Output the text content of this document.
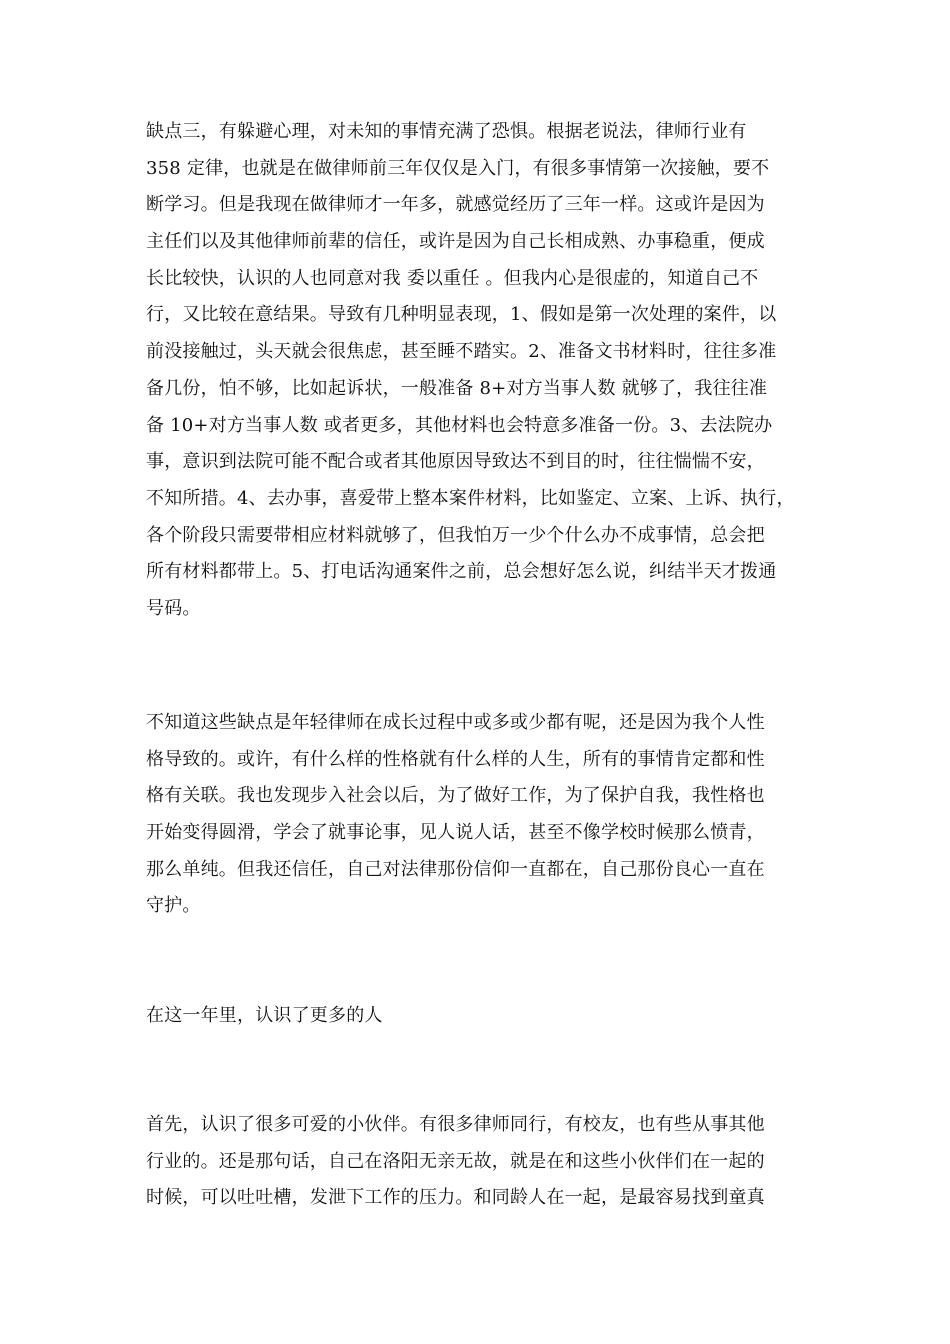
缺点三，有躲避心理，对未知的事情充满了恐惧。根据老说法，律师行业有
358 定律，也就是在做律师前三年仅仅是入门，有很多事情第一次接触，要不
断学习。但是我现在做律师才一年多，就感觉经历了三年一样。这或许是因为
主任们以及其他律师前辈的信任，或许是因为自己长相成熟、办事稳重，便成
长比较快，认识的人也同意对我 委以重任 。但我内心是很虚的，知道自己不
行，又比较在意结果。导致有几种明显表现，1、假如是第一次处理的案件，以
前没接触过，头天就会很焦虑，甚至睡不踏实。2、准备文书材料时，往往多准
备几份，怕不够，比如起诉状，一般准备 8+对方当事人数 就够了，我往往准
备 10+对方当事人数 或者更多，其他材料也会特意多准备一份。3、去法院办
事，意识到法院可能不配合或者其他原因导致达不到目的时，往往惴惴不安，
不知所措。4、去办事，喜爱带上整本案件材料，比如鉴定、立案、上诉、执行，
各个阶段只需要带相应材料就够了，但我怕万一少个什么办不成事情，总会把
所有材料都带上。5、打电话沟通案件之前，总会想好怎么说，纠结半天才拨通
号码。
不知道这些缺点是年轻律师在成长过程中或多或少都有呢，还是因为我个人性
格导致的。或许，有什么样的性格就有什么样的人生，所有的事情肯定都和性
格有关联。我也发现步入社会以后，为了做好工作，为了保护自我，我性格也
开始变得圆滑，学会了就事论事，见人说人话，甚至不像学校时候那么愤青，
那么单纯。但我还信任，自己对法律那份信仰一直都在，自己那份良心一直在
守护。
在这一年里，认识了更多的人
首先，认识了很多可爱的小伙伴。有很多律师同行，有校友，也有些从事其他
行业的。还是那句话，自己在洛阳无亲无故，就是在和这些小伙伴们在一起的
时候，可以吐吐槽，发泄下工作的压力。和同龄人在一起，是最容易找到童真
